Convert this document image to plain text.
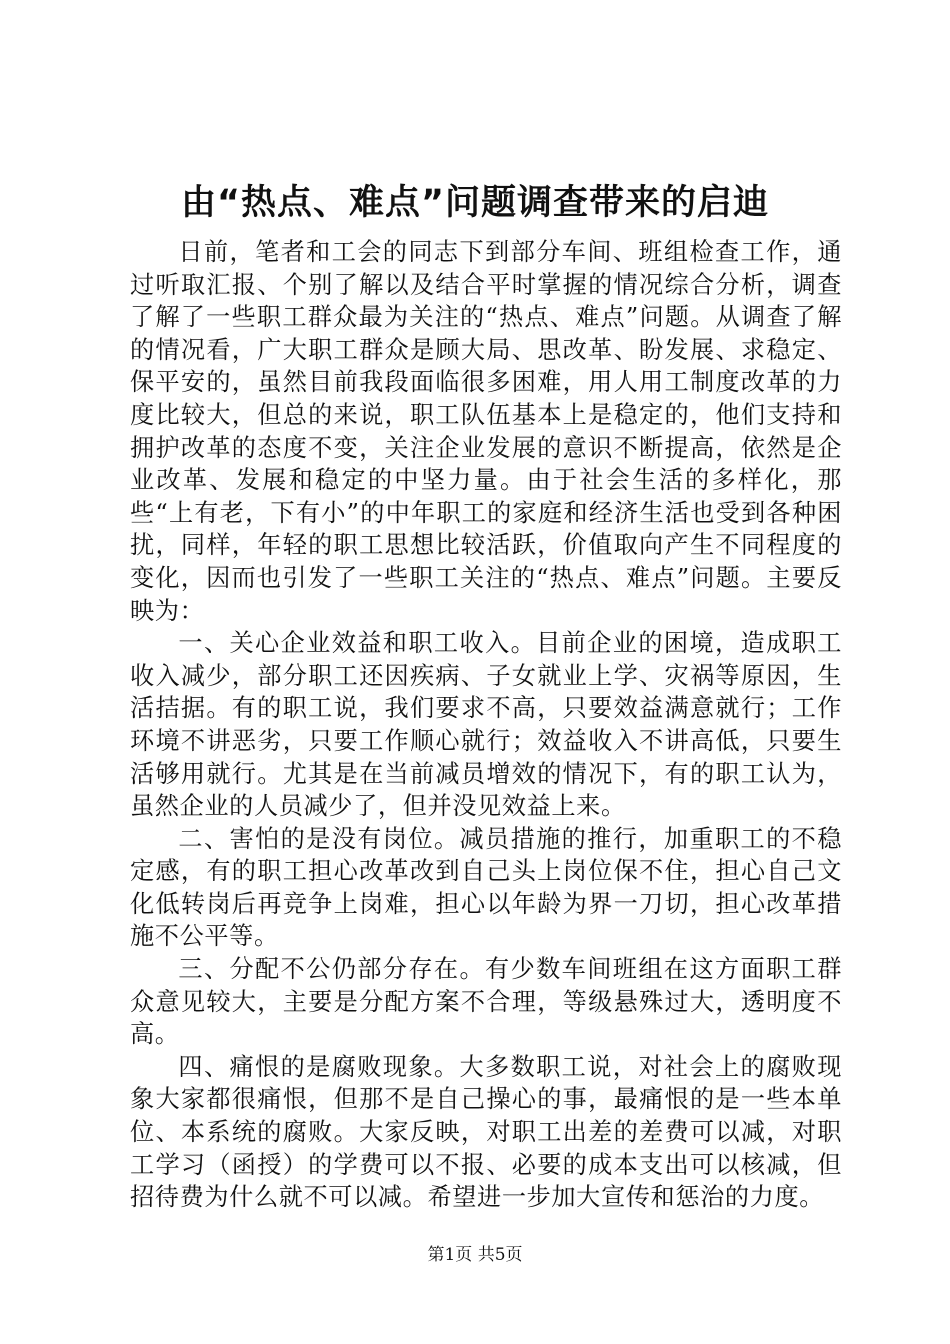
由“热点、难点”问题调查带来的启迪

日前，笔者和工会的同志下到部分车间、班组检查工作，通过听取汇报、个别了解以及结合平时掌握的情况综合分析，调查了解了一些职工群众最为关注的“热点、难点”问题。从调查了解的情况看，广大职工群众是顾大局、思改革、盼发展、求稳定、保平安的，虽然目前我段面临很多困难，用人用工制度改革的力度比较大，但总的来说，职工队伍基本上是稳定的，他们支持和拥护改革的态度不变，关注企业发展的意识不断提高，依然是企业改革、发展和稳定的中坚力量。由于社会生活的多样化，那些“上有老，下有小”的中年职工的家庭和经济生活也受到各种困扰，同样，年轻的职工思想比较活跃，价值取向产生不同程度的变化，因而也引发了一些职工关注的“热点、难点”问题。主要反映为：

一、关心企业效益和职工收入。目前企业的困境，造成职工收入减少，部分职工还因疾病、子女就业上学、灾祸等原因，生活拮据。有的职工说，我们要求不高，只要效益满意就行；工作环境不讲恶劣，只要工作顺心就行；效益收入不讲高低，只要生活够用就行。尤其是在当前减员增效的情况下，有的职工认为，虽然企业的人员减少了，但并没见效益上来。

二、害怕的是没有岗位。减员措施的推行，加重职工的不稳定感，有的职工担心改革改到自己头上岗位保不住，担心自己文化低转岗后再竞争上岗难，担心以年龄为界一刀切，担心改革措施不公平等。

三、分配不公仍部分存在。有少数车间班组在这方面职工群众意见较大，主要是分配方案不合理，等级悬殊过大，透明度不高。

四、痛恨的是腐败现象。大多数职工说，对社会上的腐败现象大家都很痛恨，但那不是自己操心的事，最痛恨的是一些本单位、本系统的腐败。大家反映，对职工出差的差费可以减，对职工学习（函授）的学费可以不报、必要的成本支出可以核减，但招待费为什么就不可以减。希望进一步加大宣传和惩治的力度。

第1页 共5页
